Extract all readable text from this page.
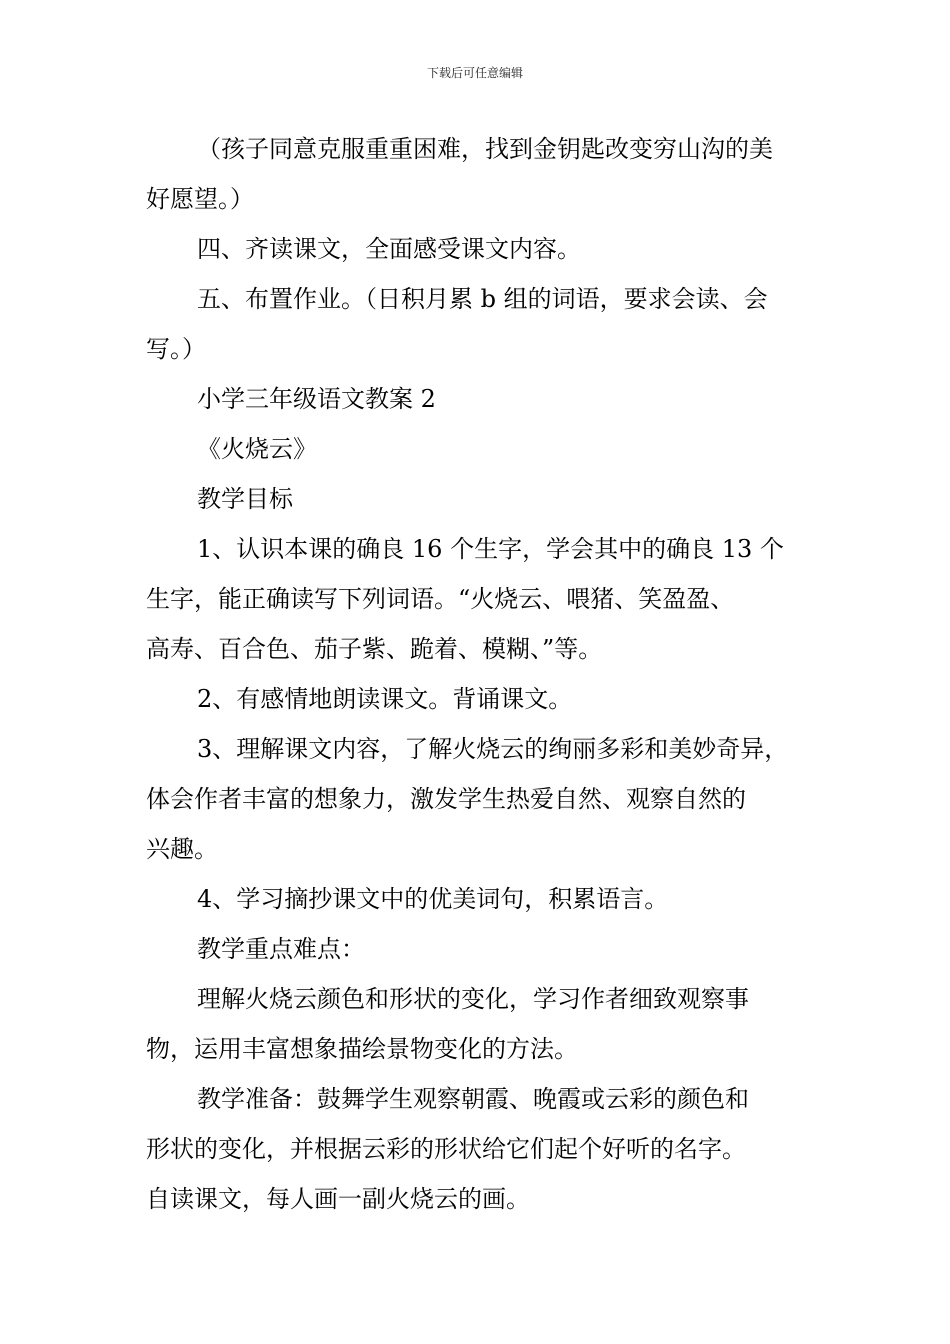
下载后可任意编辑
（孩子同意克服重重困难，找到金钥匙改变穷山沟的美
好愿望。）
四、齐读课文，全面感受课文内容。
五、布置作业。（日积月累 b 组的词语，要求会读、会
写。）
小学三年级语文教案 2
《火烧云》
教学目标
1、认识本课的确良 16 个生字，学会其中的确良 13 个
生字，能正确读写下列词语。“火烧云、喂猪、笑盈盈、
高寿、百合色、茄子紫、跪着、模糊、”等。
2、有感情地朗读课文。背诵课文。
3、理解课文内容，了解火烧云的绚丽多彩和美妙奇异，
体会作者丰富的想象力，激发学生热爱自然、观察自然的
兴趣。
4、学习摘抄课文中的优美词句，积累语言。
教学重点难点：
理解火烧云颜色和形状的变化，学习作者细致观察事
物，运用丰富想象描绘景物变化的方法。
教学准备：鼓舞学生观察朝霞、晚霞或云彩的颜色和
形状的变化，并根据云彩的形状给它们起个好听的名字。
自读课文，每人画一副火烧云的画。
